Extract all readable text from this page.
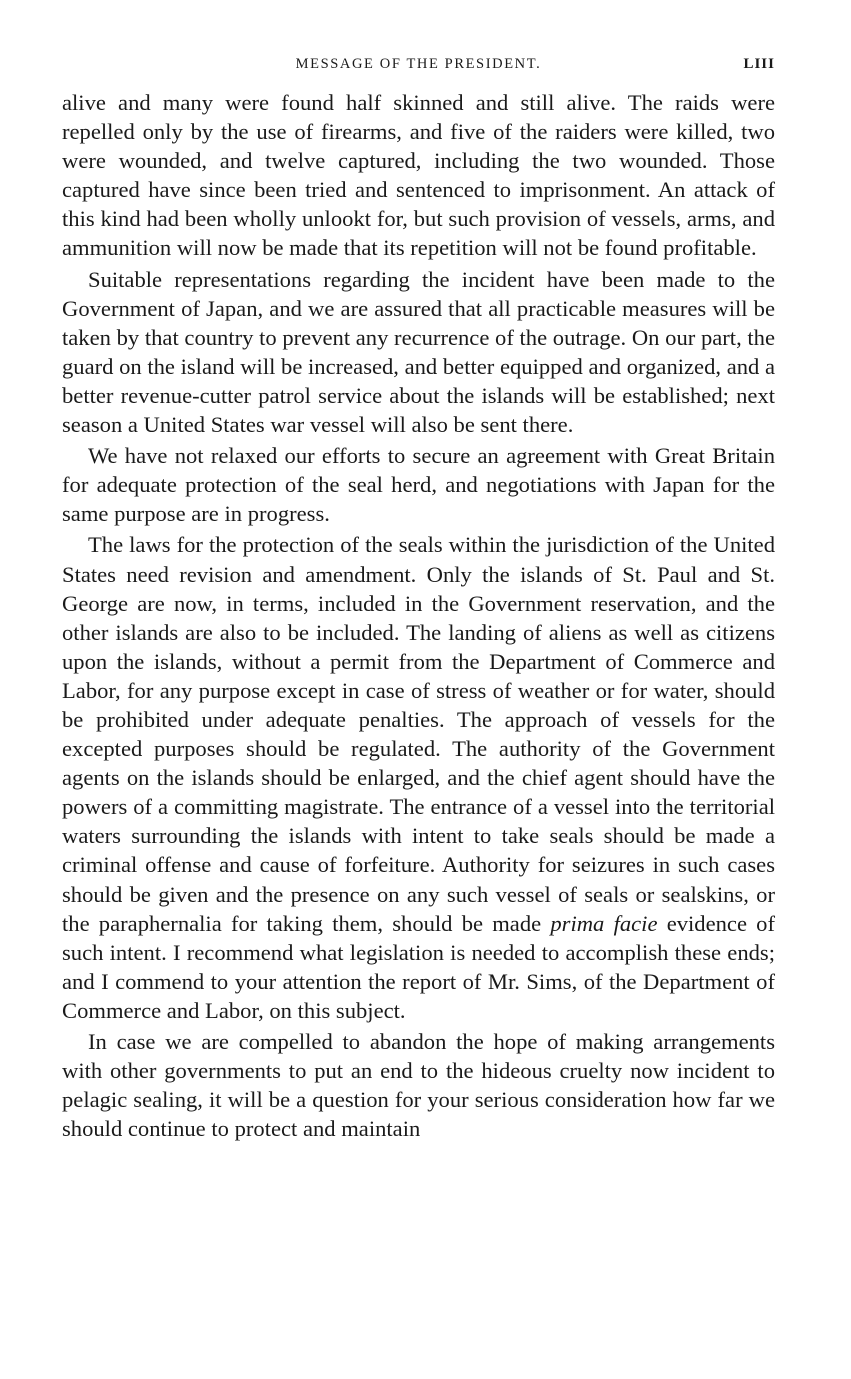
MESSAGE OF THE PRESIDENT.	LIII

alive and many were found half skinned and still alive. The raids were repelled only by the use of firearms, and five of the raiders were killed, two were wounded, and twelve captured, including the two wounded. Those captured have since been tried and sentenced to imprisonment. An attack of this kind had been wholly unlookt for, but such provision of vessels, arms, and ammunition will now be made that its repetition will not be found profitable.

Suitable representations regarding the incident have been made to the Government of Japan, and we are assured that all practicable measures will be taken by that country to prevent any recurrence of the outrage. On our part, the guard on the island will be increased, and better equipped and organized, and a better revenue-cutter patrol service about the islands will be established; next season a United States war vessel will also be sent there.

We have not relaxed our efforts to secure an agreement with Great Britain for adequate protection of the seal herd, and negotiations with Japan for the same purpose are in progress.

The laws for the protection of the seals within the jurisdiction of the United States need revision and amendment. Only the islands of St. Paul and St. George are now, in terms, included in the Government reservation, and the other islands are also to be included. The landing of aliens as well as citizens upon the islands, without a permit from the Department of Commerce and Labor, for any purpose except in case of stress of weather or for water, should be prohibited under adequate penalties. The approach of vessels for the excepted purposes should be regulated. The authority of the Government agents on the islands should be enlarged, and the chief agent should have the powers of a committing magistrate. The entrance of a vessel into the territorial waters surrounding the islands with intent to take seals should be made a criminal offense and cause of forfeiture. Authority for seizures in such cases should be given and the presence on any such vessel of seals or sealskins, or the paraphernalia for taking them, should be made prima facie evidence of such intent. I recommend what legislation is needed to accomplish these ends; and I commend to your attention the report of Mr. Sims, of the Department of Commerce and Labor, on this subject.

In case we are compelled to abandon the hope of making arrangements with other governments to put an end to the hideous cruelty now incident to pelagic sealing, it will be a question for your serious consideration how far we should continue to protect and maintain
